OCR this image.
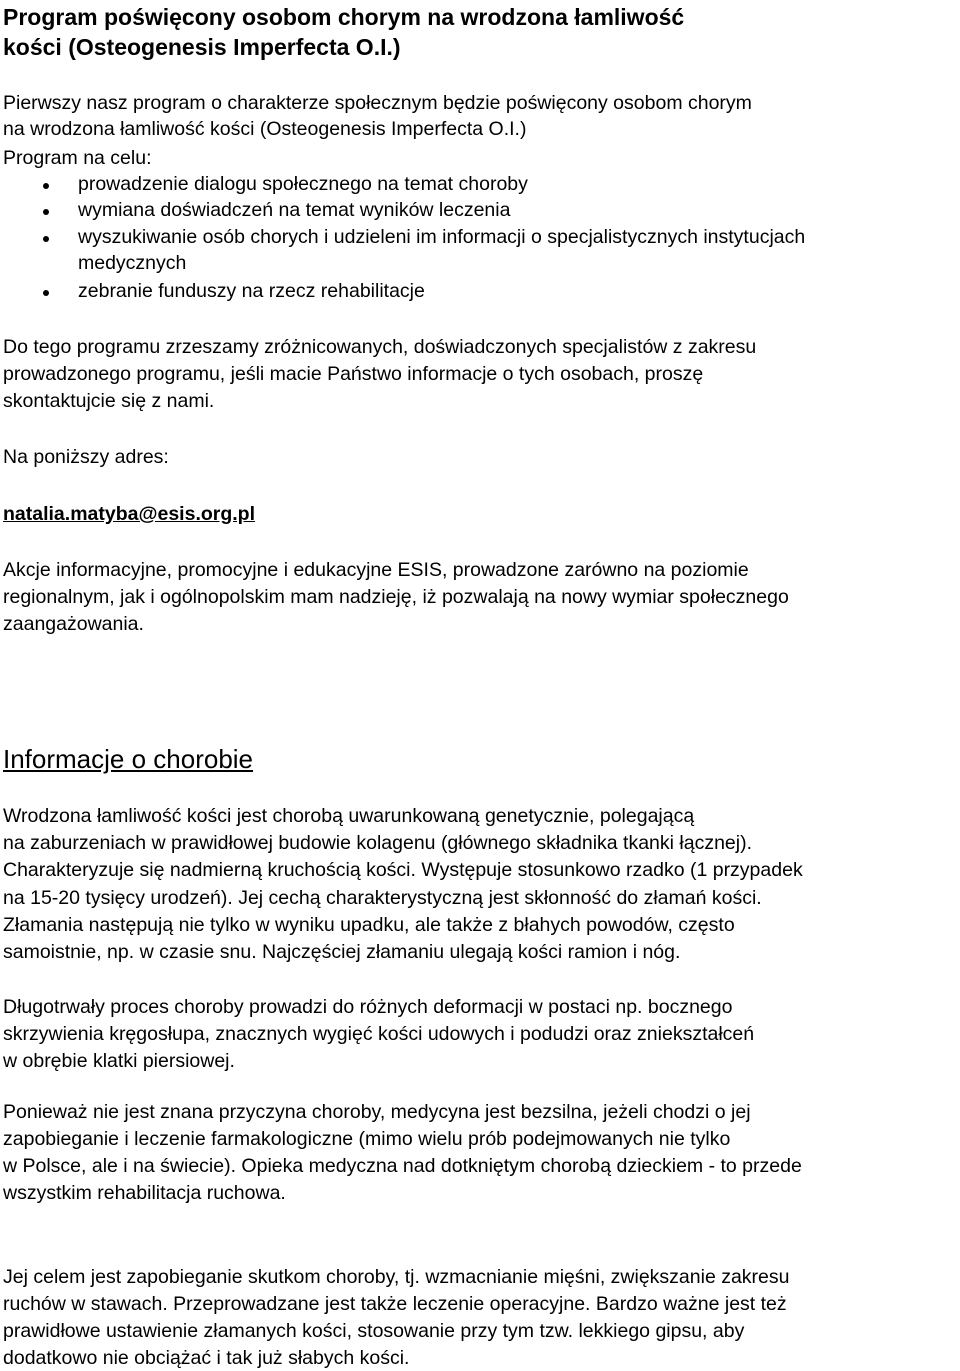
Program poświęcony osobom chorym na wrodzona łamliwość
kości (Osteogenesis Imperfecta O.I.)
Pierwszy nasz program o charakterze społecznym będzie poświęcony osobom chorym
na wrodzona łamliwość kości (Osteogenesis Imperfecta O.I.)
Program na celu:
prowadzenie dialogu społecznego na temat choroby
wymiana doświadczeń na temat wyników leczenia
wyszukiwanie osób chorych i udzieleni im informacji o specjalistycznych instytucjach
medycznych
zebranie funduszy na rzecz rehabilitacje
Do tego programu zrzeszamy zróżnicowanych, doświadczonych specjalistów z zakresu
prowadzonego programu, jeśli macie Państwo informacje o tych osobach, proszę
skontaktujcie się z nami.
Na poniższy adres:
natalia.matyba@esis.org.pl
Akcje informacyjne, promocyjne i edukacyjne ESIS, prowadzone zarówno na poziomie
regionalnym, jak i ogólnopolskim mam nadzieję, iż pozwalają na nowy wymiar społecznego
zaangażowania.
Informacje o chorobie
Wrodzona łamliwość kości jest chorobą uwarunkowaną genetycznie, polegającą
na zaburzeniach w prawidłowej budowie kolagenu (głównego składnika tkanki łącznej).
Charakteryzuje się nadmierną kruchością kości. Występuje stosunkowo rzadko (1 przypadek
na 15-20 tysięcy urodzeń). Jej cechą charakterystyczną jest skłonność do złamań kości.
Złamania następują nie tylko w wyniku upadku, ale także z błahych powodów, często
samoistnie, np. w czasie snu. Najczęściej złamaniu ulegają kości ramion i nóg.
Długotrwały proces choroby prowadzi do różnych deformacji w postaci np. bocznego
skrzywienia kręgosłupa, znacznych wygięć kości udowych i podudzi oraz zniekształceń
w obrębie klatki piersiowej.
Ponieważ nie jest znana przyczyna choroby, medycyna jest bezsilna, jeżeli chodzi o jej
zapobieganie i leczenie farmakologiczne (mimo wielu prób podejmowanych nie tylko
w Polsce, ale i na świecie). Opieka medyczna nad dotkniętym chorobą dzieckiem - to przede
wszystkim rehabilitacja ruchowa.
Jej celem jest zapobieganie skutkom choroby, tj. wzmacnianie mięśni, zwiększanie zakresu
ruchów w stawach. Przeprowadzane jest także leczenie operacyjne. Bardzo ważne jest też
prawidłowe ustawienie złamanych kości, stosowanie przy tym tzw. lekkiego gipsu, aby
dodatkowo nie obciążać i tak już słabych kości.
